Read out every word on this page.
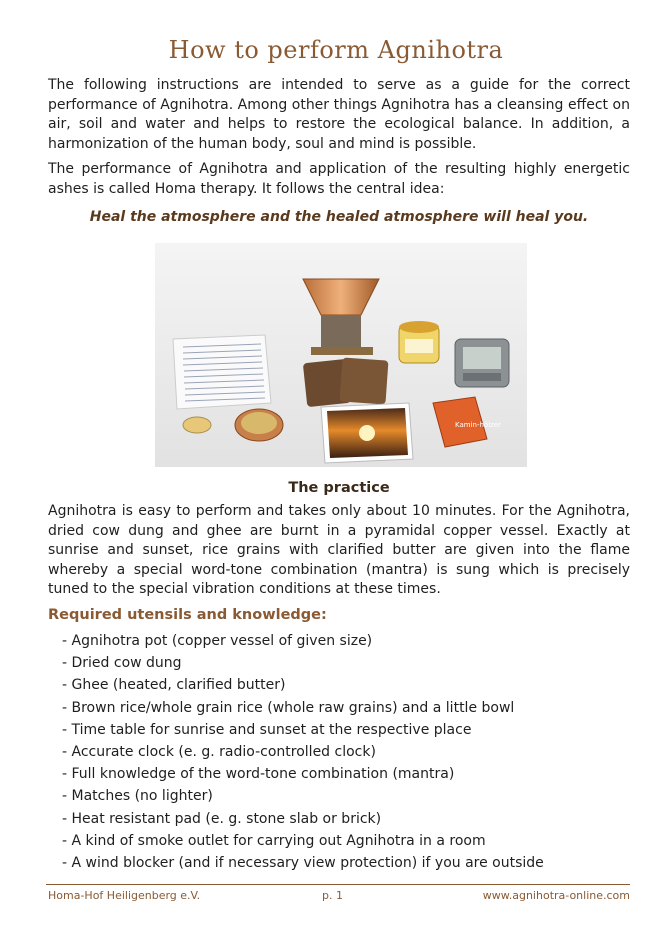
How to perform Agnihotra
The following instructions are intended to serve as a guide for the correct performance of Agnihotra. Among other things Agnihotra has a cleansing effect on air, soil and water and helps to restore the ecological balance. In addition, a harmonization of the human body, soul and mind is possible.
The performance of Agnihotra and application of the resulting highly energetic ashes is called Homa therapy. It follows the central idea:
Heal the atmosphere and the healed atmosphere will heal you.
Kamin-hölzer
The practice
Agnihotra is easy to perform and takes only about 10 minutes. For the Agnihotra, dried cow dung and ghee are burnt in a pyramidal copper vessel. Exactly at sunrise and sunset, rice grains with clarified butter are given into the flame whereby a special word-tone combination (mantra) is sung which is precisely tuned to the special vibration conditions at these times.
Required utensils and knowledge:
- Agnihotra pot (copper vessel of given size)
- Dried cow dung
- Ghee (heated, clarified butter)
- Brown rice/whole grain rice (whole raw grains) and a little bowl
- Time table for sunrise and sunset at the respective place
- Accurate clock (e. g. radio-controlled clock)
- Full knowledge of the word-tone combination (mantra)
- Matches (no lighter)
- Heat resistant pad (e. g. stone slab or brick)
- A kind of smoke outlet for carrying out Agnihotra in a room
- A wind blocker (and if necessary view protection) if you are outside
Homa-Hof Heiligenberg e.V.	p. 1	www.agnihotra-online.com
